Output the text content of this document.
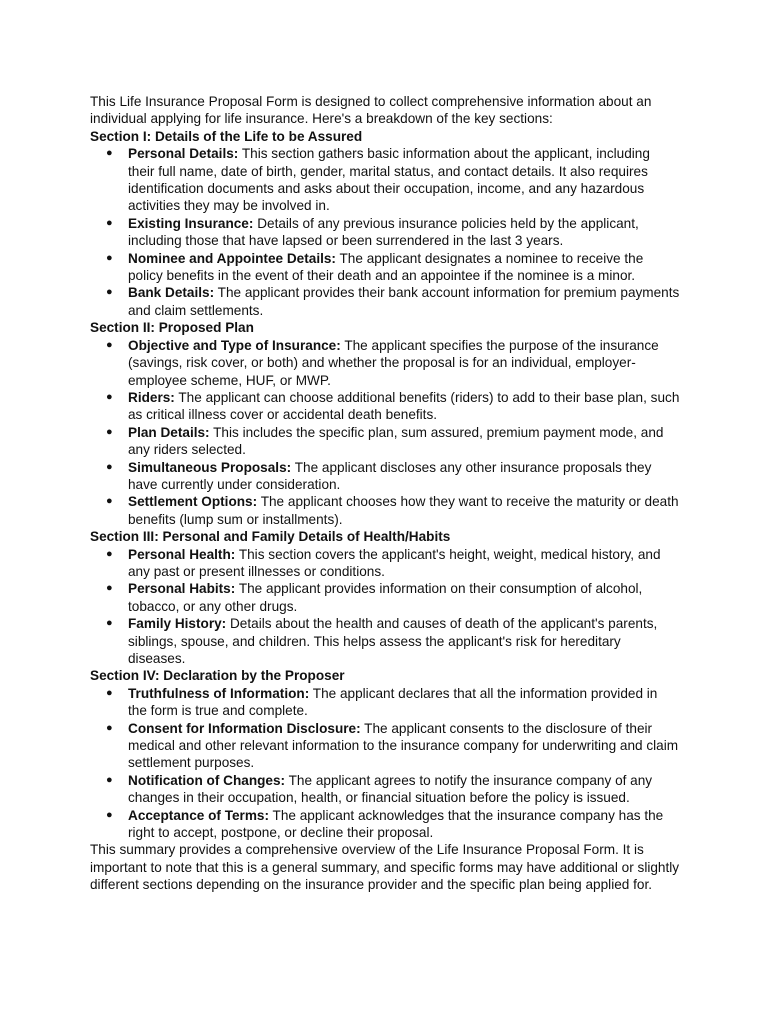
This Life Insurance Proposal Form is designed to collect comprehensive information about an individual applying for life insurance. Here's a breakdown of the key sections:

Section I: Details of the Life to be Assured

● Personal Details: This section gathers basic information about the applicant, including their full name, date of birth, gender, marital status, and contact details. It also requires identification documents and asks about their occupation, income, and any hazardous activities they may be involved in.
● Existing Insurance: Details of any previous insurance policies held by the applicant, including those that have lapsed or been surrendered in the last 3 years.
● Nominee and Appointee Details: The applicant designates a nominee to receive the policy benefits in the event of their death and an appointee if the nominee is a minor.
● Bank Details: The applicant provides their bank account information for premium payments and claim settlements.

Section II: Proposed Plan

● Objective and Type of Insurance: The applicant specifies the purpose of the insurance (savings, risk cover, or both) and whether the proposal is for an individual, employer-employee scheme, HUF, or MWP.
● Riders: The applicant can choose additional benefits (riders) to add to their base plan, such as critical illness cover or accidental death benefits.
● Plan Details: This includes the specific plan, sum assured, premium payment mode, and any riders selected.
● Simultaneous Proposals: The applicant discloses any other insurance proposals they have currently under consideration.
● Settlement Options: The applicant chooses how they want to receive the maturity or death benefits (lump sum or installments).

Section III: Personal and Family Details of Health/Habits

● Personal Health: This section covers the applicant's height, weight, medical history, and any past or present illnesses or conditions.
● Personal Habits: The applicant provides information on their consumption of alcohol, tobacco, or any other drugs.
● Family History: Details about the health and causes of death of the applicant's parents, siblings, spouse, and children. This helps assess the applicant's risk for hereditary diseases.

Section IV: Declaration by the Proposer

● Truthfulness of Information: The applicant declares that all the information provided in the form is true and complete.
● Consent for Information Disclosure: The applicant consents to the disclosure of their medical and other relevant information to the insurance company for underwriting and claim settlement purposes.
● Notification of Changes: The applicant agrees to notify the insurance company of any changes in their occupation, health, or financial situation before the policy is issued.
● Acceptance of Terms: The applicant acknowledges that the insurance company has the right to accept, postpone, or decline their proposal.

This summary provides a comprehensive overview of the Life Insurance Proposal Form. It is important to note that this is a general summary, and specific forms may have additional or slightly different sections depending on the insurance provider and the specific plan being applied for.
